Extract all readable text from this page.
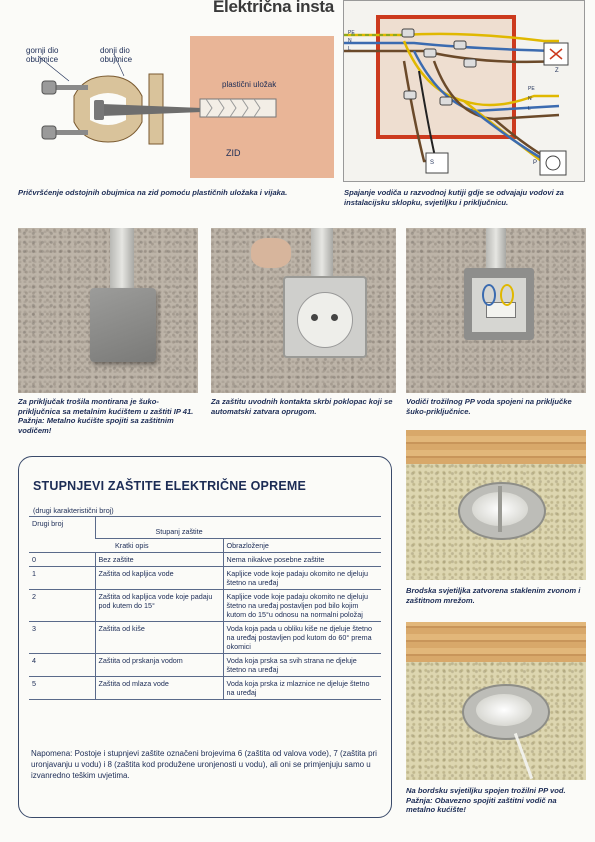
Električna insta
gornji dio obujmice
donji dio obujmice
plastični uložak
ZID
Pričvršćenje odstojnih obujmica na zid pomoću plastičnih uložaka i vijaka.
PE
N
L
PE
N
L
Z
S	P
Spajanje vodiča u razvodnoj kutiji gdje se odvajaju vodovi za instalacijsku sklopku, svjetiljku i priključnicu.
Za priključak trošila montirana je šuko-priključnica sa metalnim kućištem u zaštiti IP 41. Pažnja: Metalno kućište spojiti sa zaštitnim vodičem!
Za zaštitu uvodnih kontakta skrbi poklopac koji se automatski zatvara oprugom.
Vodiči trožilnog PP voda spojeni na priključke šuko-priključnice.
STUPNJEVI ZAŠTITE ELEKTRIČNE OPREME
(drugi karakteristični broj)
Drugi broj	Stupanj zaštite	
	Kratki opis	Obrazloženje
0	Bez zaštite	Nema nikakve posebne zaštite
1	Zaštita od kapljica vode	Kapljice vode koje padaju okomito ne djeluju štetno na uređaj
2	Zaštita od kapljica vode koje padaju pod kutem do 15°	Kapljice vode koje padaju okomito ne djeluju štetno na uređaj postavljen pod bilo kojim kutom do 15°u odnosu na normalni položaj
3	Zaštita od kiše	Voda koja pada u obliku kiše ne djeluje štetno na uređaj postavljen pod kutom do 60° prema okomici
4	Zaštita od prskanja vodom	Voda koja prska sa svih strana ne djeluje štetno na uređaj
5	Zaštita od mlaza vode	Voda koja prska iz mlaznice ne djeluje štetno na uređaj
Napomena: Postoje i stupnjevi zaštite označeni brojevima 6 (zaštita od valova vode), 7 (zaštita pri uronjavanju u vodu) i 8 (zaštita kod produžene uronjenosti u vodu), ali oni se primjenjuju samo u izvanredno teškim uvjetima.
Brodska svjetiljka zatvorena staklenim zvonom i zaštitnom mrežom.
Na bordsku svjetiljku spojen trožilni PP vod. Pažnja: Obavezno spojiti zaštitni vodič na metalno kućište!
